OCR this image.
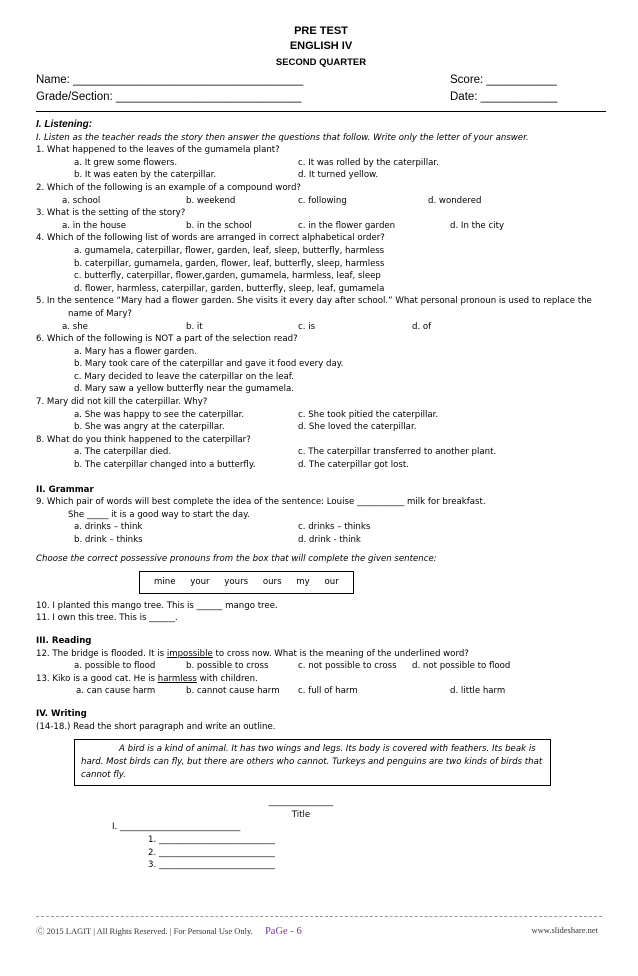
PRE TEST
ENGLISH IV
SECOND QUARTER
Name: ____________________________________	Score: ___________
Grade/Section: _____________________________	Date: ____________
I. Listening:
I. Listen as the teacher reads the story then answer the questions that follow. Write only the letter of your answer.
1. What happened to the leaves of the gumamela plant?
a. It grew some flowers.	c. It was rolled by the caterpillar.
b. It was eaten by the caterpillar.	d. It turned yellow.
2. Which of the following is an example of a compound word?
a. school	b. weekend	c. following	d. wondered
3. What is the setting of the story?
a. in the house	b. in the school	c. in the flower garden	d. In the city
4. Which of the following list of words are arranged in correct alphabetical order?
a. gumamela, caterpillar, flower, garden, leaf, sleep, butterfly, harmless
b. caterpillar, gumamela, garden, flower, leaf, butterfly, sleep, harmless
c. butterfly, caterpillar, flower,garden, gumamela, harmless, leaf, sleep
d. flower, harmless, caterpillar, garden, butterfly, sleep, leaf, gumamela
5. In the sentence “Mary had a flower garden. She visits it every day after school.” What personal pronoun is used to replace the name of Mary?
a. she	b. it	c. is	d. of
6. Which of the following is NOT a part of the selection read?
a. Mary has a flower garden.
b. Mary took care of the caterpillar and gave it food every day.
c. Mary decided to leave the caterpillar on the leaf.
d. Mary saw a yellow butterfly near the gumamela.
7. Mary did not kill the caterpillar. Why?
a. She was happy to see the caterpillar.	c. She took pitied the caterpillar.
b. She was angry at the caterpillar.	d. She loved the caterpillar.
8. What do you think happened to the caterpillar?
a. The caterpillar died.	c. The caterpillar transferred to another plant.
b. The caterpillar changed into a butterfly.	d. The caterpillar got lost.
II. Grammar
9. Which pair of words will best complete the idea of the sentence: Louise ___________ milk for breakfast.
She _____ it is a good way to start the day.
a. drinks – think	c. drinks – thinks
b. drink – thinks	d. drink - think
Choose the correct possessive pronouns from the box that will complete the given sentence:
mine your yours ours my our
10. I planted this mango tree. This is ______ mango tree.
11. I own this tree. This is ______.
III. Reading
12. The bridge is flooded. It is impossible to cross now. What is the meaning of the underlined word?
a. possible to flood	b. possible to cross	c. not possible to cross d. not possible to flood
13. Kiko is a good cat. He is harmless with children.
a. can cause harm	b. cannot cause harm c. full of harm	d. little harm
IV. Writing
(14-18.) Read the short paragraph and write an outline.

A bird is a kind of animal. It has two wings and legs. Its body is covered with feathers. Its beak is hard. Most birds can fly, but there are others who cannot. Turkeys and penguins are two kinds of birds that cannot fly.

_______________
Title
I. ____________________________
1. ___________________________
2. ___________________________
3. ___________________________
Ⓒ 2015 LAGIT | All Rights Reserved. | For Personal Use Only. PaGe - 6	www.slideshare.net
